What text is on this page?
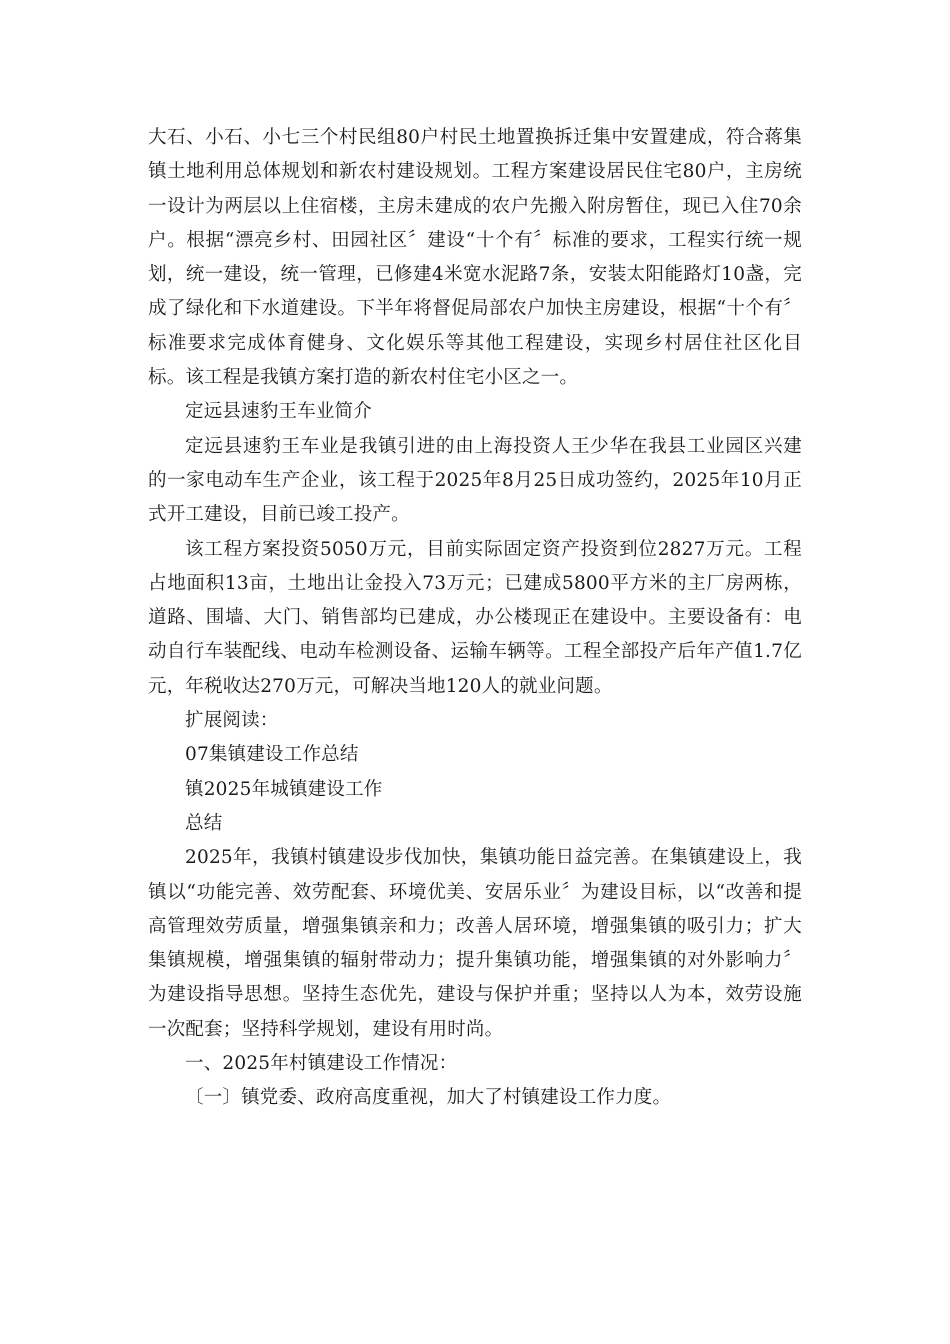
大石、小石、小七三个村民组80户村民土地置换拆迁集中安置建成，符合蒋集镇土地利用总体规划和新农村建设规划。工程方案建设居民住宅80户，主房统一设计为两层以上住宿楼，主房未建成的农户先搬入附房暂住，现已入住70余户。根据“漂亮乡村、田园社区〞建设“十个有〞标准的要求，工程实行统一规划，统一建设，统一管理，已修建4米宽水泥路7条，安装太阳能路灯10盏，完成了绿化和下水道建设。下半年将督促局部农户加快主房建设，根据“十个有〞标准要求完成体育健身、文化娱乐等其他工程建设，实现乡村居住社区化目标。该工程是我镇方案打造的新农村住宅小区之一。

定远县速豹王车业简介

定远县速豹王车业是我镇引进的由上海投资人王少华在我县工业园区兴建的一家电动车生产企业，该工程于2025年8月25日成功签约，2025年10月正式开工建设，目前已竣工投产。

该工程方案投资5050万元，目前实际固定资产投资到位2827万元。工程占地面积13亩，土地出让金投入73万元；已建成5800平方米的主厂房两栋，道路、围墙、大门、销售部均已建成，办公楼现正在建设中。主要设备有：电动自行车装配线、电动车检测设备、运输车辆等。工程全部投产后年产值1.7亿元，年税收达270万元，可解决当地120人的就业问题。

扩展阅读：

07集镇建设工作总结

镇2025年城镇建设工作

总结

2025年，我镇村镇建设步伐加快，集镇功能日益完善。在集镇建设上，我镇以“功能完善、效劳配套、环境优美、安居乐业〞为建设目标，以“改善和提高管理效劳质量，增强集镇亲和力；改善人居环境，增强集镇的吸引力；扩大集镇规模，增强集镇的辐射带动力；提升集镇功能，增强集镇的对外影响力〞为建设指导思想。坚持生态优先，建设与保护并重；坚持以人为本，效劳设施一次配套；坚持科学规划，建设有用时尚。

一、2025年村镇建设工作情况：

〔一〕镇党委、政府高度重视，加大了村镇建设工作力度。
